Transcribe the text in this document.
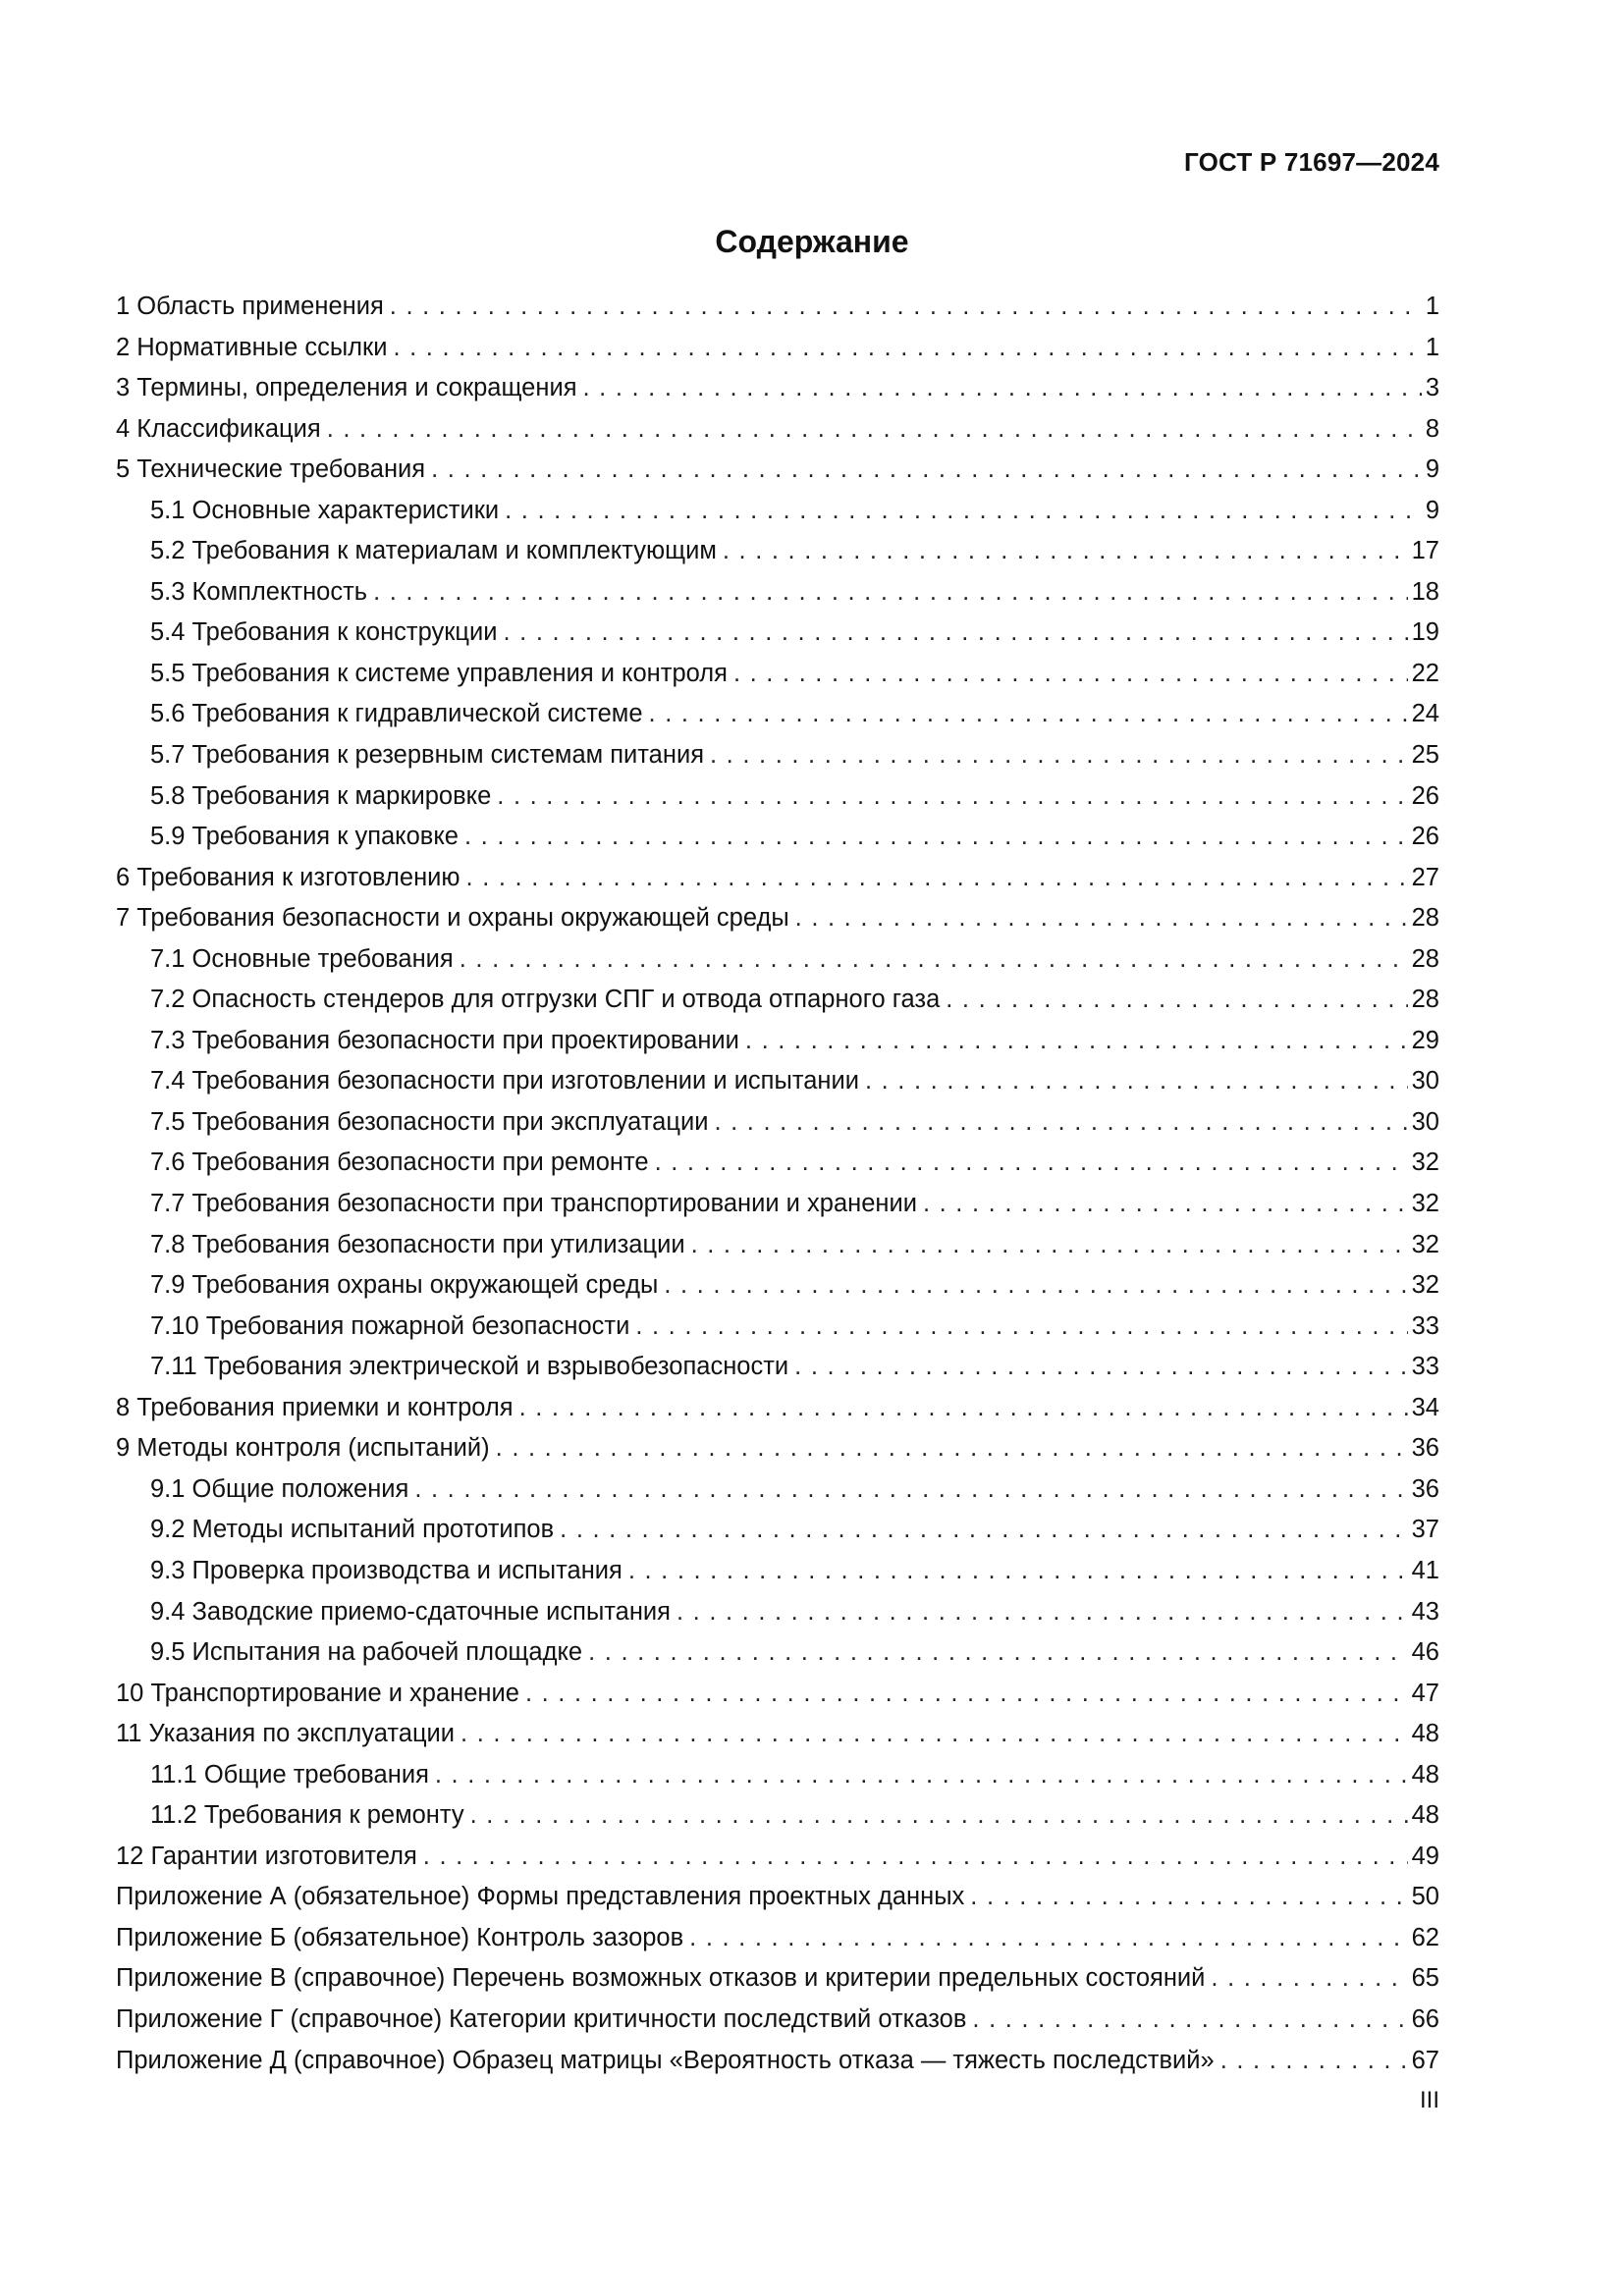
ГОСТ Р 71697—2024
Содержание
1 Область применения . . .	1
2 Нормативные ссылки . . .	1
3 Термины, определения и сокращения . . .	3
4 Классификация . . .	8
5 Технические требования . . .	9
5.1 Основные характеристики . . .	9
5.2 Требования к материалам и комплектующим . . .	17
5.3 Комплектность . . .	18
5.4 Требования к конструкции . . .	19
5.5 Требования к системе управления и контроля . . .	22
5.6 Требования к гидравлической системе . . .	24
5.7 Требования к резервным системам питания . . .	25
5.8 Требования к маркировке . . .	26
5.9 Требования к упаковке . . .	26
6 Требования к изготовлению . . .	27
7 Требования безопасности и охраны окружающей среды . . .	28
7.1 Основные требования . . .	28
7.2 Опасность стендеров для отгрузки СПГ и отвода отпарного газа . . .	28
7.3 Требования безопасности при проектировании . . .	29
7.4 Требования безопасности при изготовлении и испытании . . .	30
7.5 Требования безопасности при эксплуатации . . .	30
7.6 Требования безопасности при ремонте . . .	32
7.7 Требования безопасности при транспортировании и хранении . . .	32
7.8 Требования безопасности при утилизации . . .	32
7.9 Требования охраны окружающей среды . . .	32
7.10 Требования пожарной безопасности . . .	33
7.11 Требования электрической и взрывобезопасности . . .	33
8 Требования приемки и контроля . . .	34
9 Методы контроля (испытаний) . . .	36
9.1 Общие положения . . .	36
9.2 Методы испытаний прототипов . . .	37
9.3 Проверка производства и испытания . . .	41
9.4 Заводские приемо-сдаточные испытания . . .	43
9.5 Испытания на рабочей площадке . . .	46
10 Транспортирование и хранение . . .	47
11 Указания по эксплуатации . . .	48
11.1 Общие требования . . .	48
11.2 Требования к ремонту . . .	48
12 Гарантии изготовителя . . .	49
Приложение А (обязательное) Формы представления проектных данных . . .	50
Приложение Б (обязательное) Контроль зазоров . . .	62
Приложение В (справочное) Перечень возможных отказов и критерии предельных состояний . . .	65
Приложение Г (справочное) Категории критичности последствий отказов . . .	66
Приложение Д (справочное) Образец матрицы «Вероятность отказа — тяжесть последствий» . . .	67
III
